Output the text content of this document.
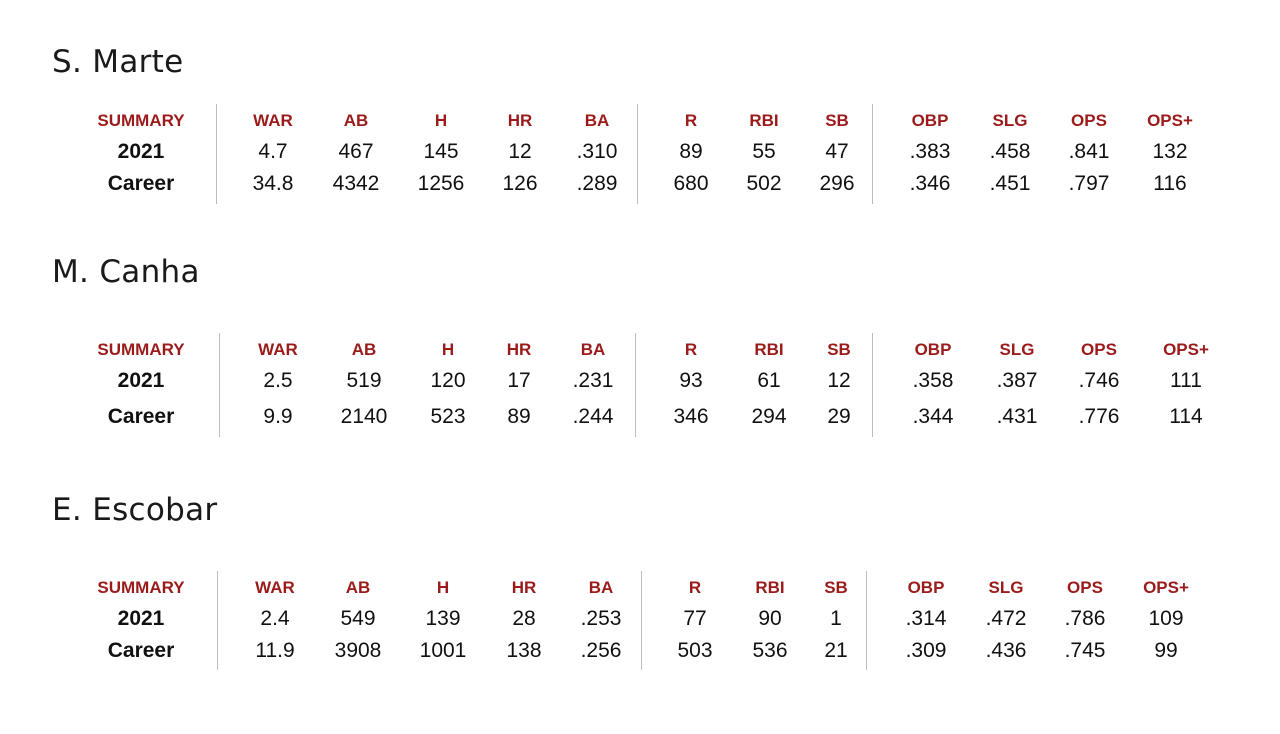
S. Marte
SUMMARY	WAR	AB	H	HR	BA	R	RBI	SB	OBP	SLG	OPS OPS+
2021	4.7 467 145 12 .310	89 55 47	.383 .458 .841 132
Career	34.8 4342 1256 126 .289	680 502 296	.346 .451 .797 116
M. Canha
SUMMARY	WAR	AB	H	HR	BA	R	RBI	SB	OBP	SLG	OPS	OPS+
2021	2.5	519 120 17 .231	93	61 12	.358 .387 .746 111
Career	9.9 2140 523 89 .244	346 294 29	.344 .431 .776 114
E. Escobar
SUMMARY	WAR	AB	H	HR	BA	R	RBI SB	OBP	SLG	OPS OPS+
2021	2.4 549 139 28 .253	77 90 1	.314 .472 .786 109
Career	11.9 3908 1001 138 .256	503 536 21	.309 .436 .745 99
